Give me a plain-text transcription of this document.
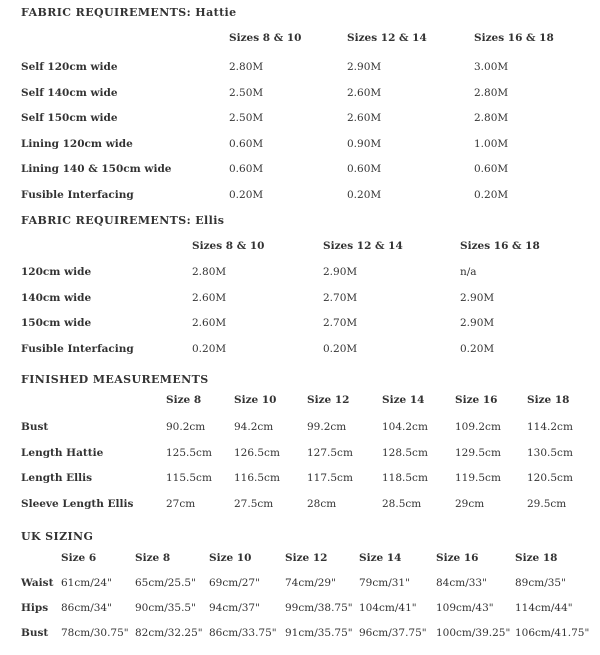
FABRIC REQUIREMENTS: Hattie
Sizes 8 & 10	Sizes 12 & 14	Sizes 16 & 18
Self 120cm wide	2.80M	2.90M	3.00M
Self 140cm wide	2.50M	2.60M	2.80M
Self 150cm wide	2.50M	2.60M	2.80M
Lining 120cm wide	0.60M	0.90M	1.00M
Lining 140 & 150cm wide	0.60M	0.60M	0.60M
Fusible Interfacing	0.20M	0.20M	0.20M
FABRIC REQUIREMENTS: Ellis
Sizes 8 & 10	Sizes 12 & 14	Sizes 16 & 18
120cm wide	2.80M	2.90M	n/a
140cm wide	2.60M	2.70M	2.90M
150cm wide	2.60M	2.70M	2.90M
Fusible Interfacing	0.20M	0.20M	0.20M
FINISHED MEASUREMENTS
Size 8	Size 10	Size 12	Size 14	Size 16	Size 18
Bust	90.2cm	94.2cm	99.2cm	104.2cm	109.2cm 114.2cm
Length Hattie	125.5cm 126.5cm	127.5cm	128.5cm	129.5cm 130.5cm
Length Ellis	115.5cm 116.5cm	117.5cm	118.5cm	119.5cm 120.5cm
Sleeve Length Ellis	27cm	27.5cm	28cm	28.5cm	29cm	29.5cm
UK SIZING
Size 6	Size 8	Size 10	Size 12	Size 14	Size 16	Size 18
Waist 61cm/24" 65cm/25.5" 69cm/27" 74cm/29" 79cm/31" 84cm/33"	89cm/35"
Hips 86cm/34" 90cm/35.5" 94cm/37" 99cm/38.75" 104cm/41" 109cm/43" 114cm/44"
Bust 78cm/30.75" 82cm/32.25" 86cm/33.75" 91cm/35.75" 96cm/37.75" 100cm/39.25" 106cm/41.75"
